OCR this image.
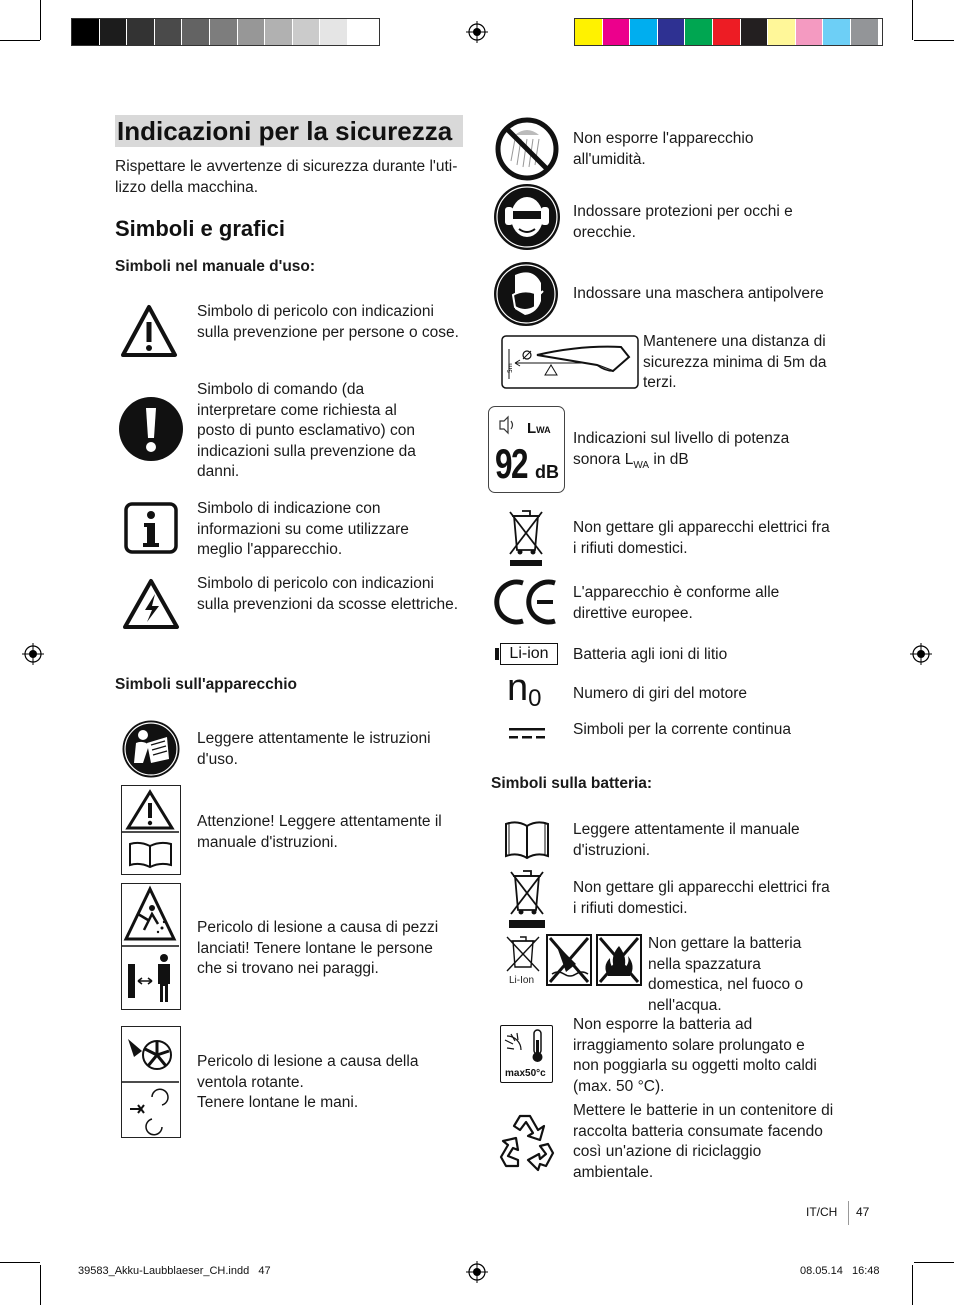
Indicazioni per la sicurezza
Rispettare le avvertenze di sicurezza durante l'uti-lizzo della macchina.
Simboli e grafici
Simboli nel manuale d'uso:
Simbolo di pericolo con indicazioni sulla prevenzione per persone o cose.
Simbolo di comando (da interpretare come richiesta al posto di punto esclamativo) con indicazioni sulla prevenzione da danni.
Simbolo di indicazione con informazioni su come utilizzare meglio l'apparecchio.
Simbolo di pericolo con indicazioni sulla prevenzioni da scosse elettriche.
Simboli sull'apparecchio
Leggere attentamente le istruzioni d'uso.
Attenzione! Leggere attentamente il manuale d'istruzioni.
Pericolo di lesione a causa di pezzi lanciati! Tenere lontane le persone che si trovano nei paraggi.
Pericolo di lesione a causa della ventola rotante.
Tenere lontane le mani.
Non esporre l'apparecchio all'umidità.
Indossare protezioni per occhi e orecchie.
Indossare una maschera antipolvere
5m
Mantenere una distanza di sicurezza minima di 5m da terzi.
LWA
92 dB
Indicazioni sul livello di potenza sonora $L_{WA}$ in dB
Non gettare gli apparecchi elettrici fra i rifiuti domestici.
L'apparecchio è conforme alle direttive europee.
Li-ion	Batteria agli ioni di litio
n0 Numero di giri del motore
Simboli per la corrente continua
Simboli sulla batteria:
Leggere attentamente il manuale d'istruzioni.
Non gettare gli apparecchi elettrici fra i rifiuti domestici.
Li-Ion
Non gettare la batteria nella spazzatura domestica, nel fuoco o nell'acqua.
max50°c
Non esporre la batteria ad irraggiamento solare prolungato e non poggiarla su oggetti molto caldi (max. 50 °C).
Mettere le batterie in un contenitore di raccolta batteria consumate facendo così un'azione di riciclaggio ambientale.
IT/CH 47
39583_Akku-Laubblaeser_CH.indd   47	08.05.14   16:48
